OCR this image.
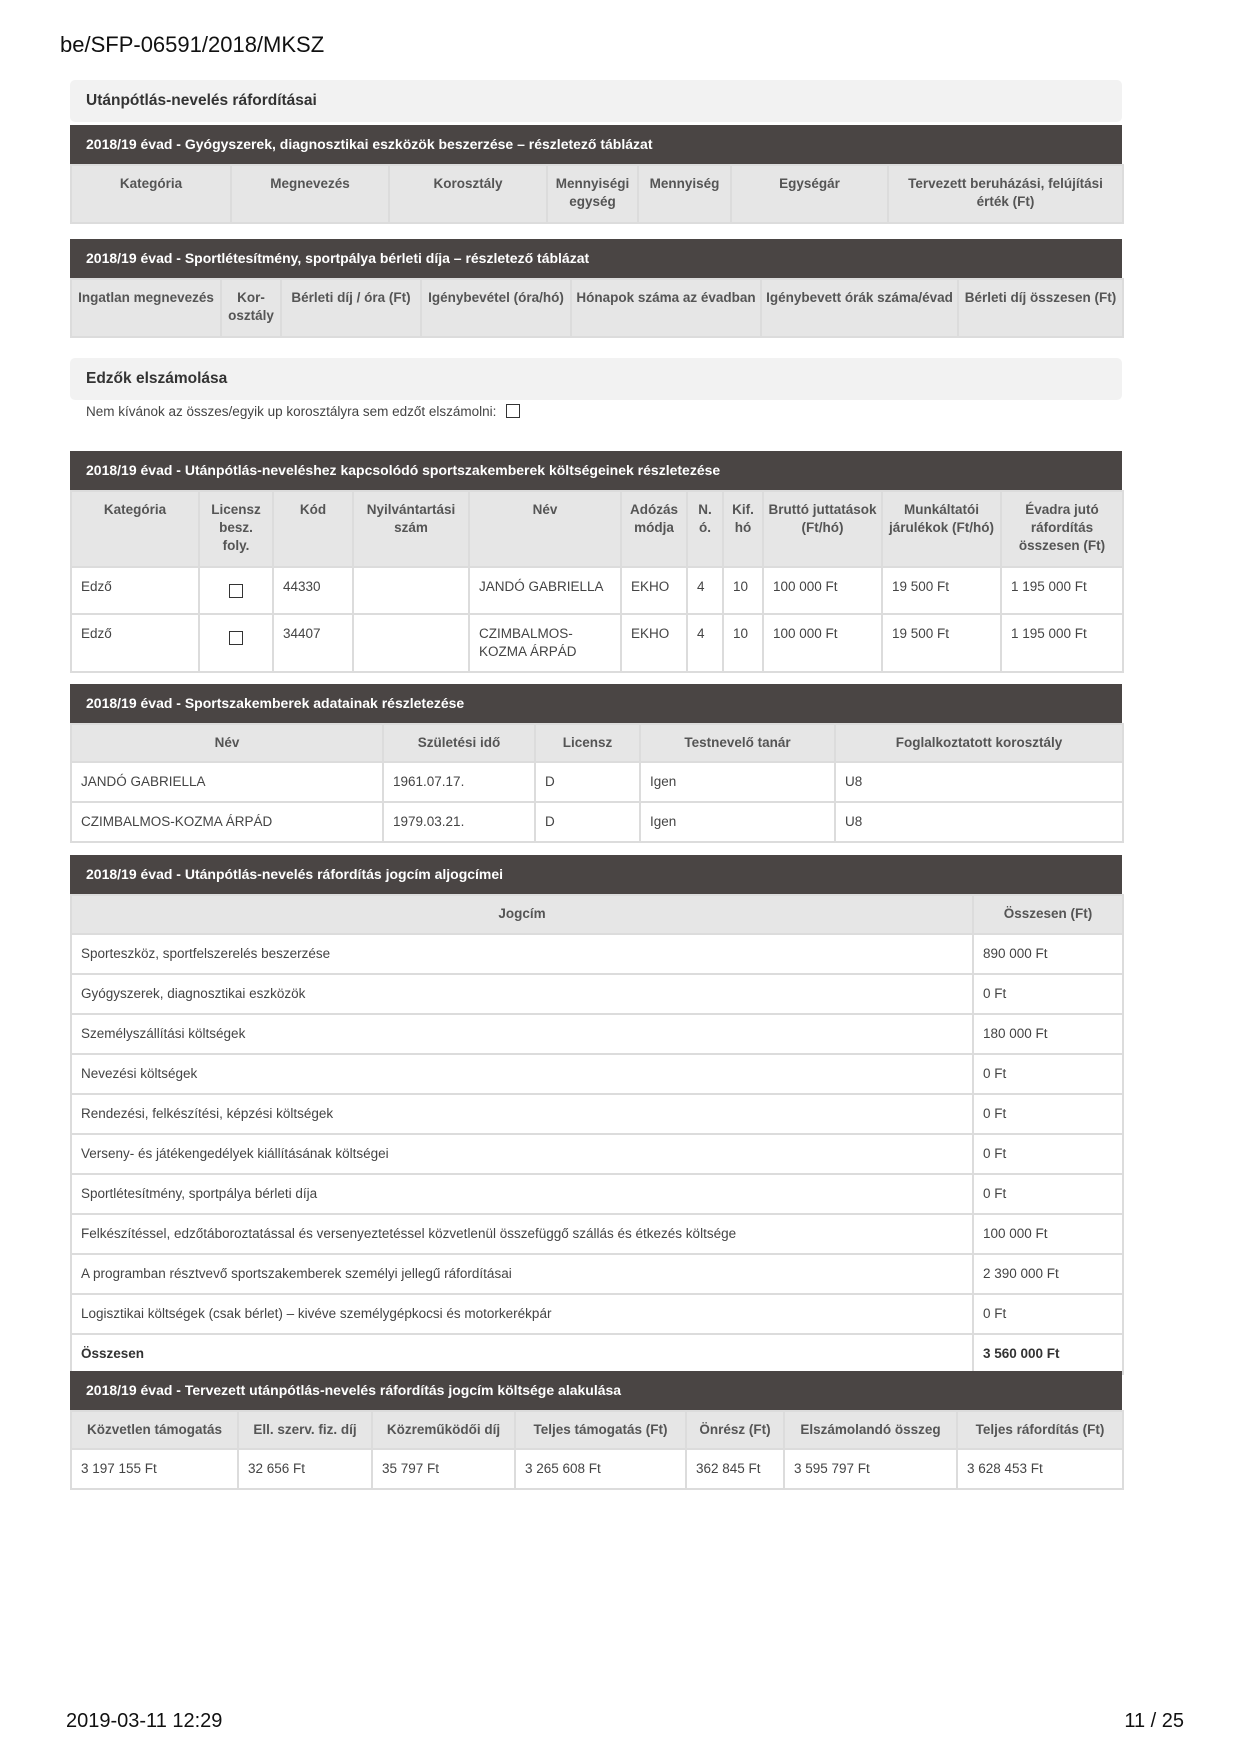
be/SFP-06591/2018/MKSZ
Utánpótlás-nevelés ráfordításai
2018/19 évad - Gyógyszerek, diagnosztikai eszközök beszerzése – részletező táblázat
Kategória	Megnevezés	Korosztály	Mennyiségi egység	Mennyiség	Egységár	Tervezett beruházási, felújítási érték (Ft)
2018/19 évad - Sportlétesítmény, sportpálya bérleti díja – részletező táblázat
Ingatlan megnevezés	Kor-osztály	Bérleti díj / óra (Ft)	Igénybevétel (óra/hó)	Hónapok száma az évadban	Igénybevett órák száma/évad	Bérleti díj összesen (Ft)
Edzők elszámolása
Nem kívánok az összes/egyik up korosztályra sem edzőt elszámolni:
2018/19 évad - Utánpótlás-neveléshez kapcsolódó sportszakemberek költségeinek részletezése
Kategória	Licensz besz. foly.	Kód	Nyilvántartási szám	Név	Adózás módja	N. ó.	Kif. hó	Bruttó juttatások (Ft/hó)	Munkáltatói járulékok (Ft/hó)	Évadra jutó ráfordítás összesen (Ft)
Edző		44330		JANDÓ GABRIELLA	EKHO	4	10	100 000 Ft	19 500 Ft	1 195 000 Ft
Edző		34407		CZIMBALMOS-KOZMA ÁRPÁD	EKHO	4	10	100 000 Ft	19 500 Ft	1 195 000 Ft
2018/19 évad - Sportszakemberek adatainak részletezése
Név	Születési idő	Licensz	Testnevelő tanár	Foglalkoztatott korosztály
JANDÓ GABRIELLA	1961.07.17.	D	Igen	U8
CZIMBALMOS-KOZMA ÁRPÁD	1979.03.21.	D	Igen	U8
2018/19 évad - Utánpótlás-nevelés ráfordítás jogcím aljogcímei
Jogcím	Összesen (Ft)
Sporteszköz, sportfelszerelés beszerzése	890 000 Ft
Gyógyszerek, diagnosztikai eszközök	0 Ft
Személyszállítási költségek	180 000 Ft
Nevezési költségek	0 Ft
Rendezési, felkészítési, képzési költségek	0 Ft
Verseny- és játékengedélyek kiállításának költségei	0 Ft
Sportlétesítmény, sportpálya bérleti díja	0 Ft
Felkészítéssel, edzőtáboroztatással és versenyeztetéssel közvetlenül összefüggő szállás és étkezés költsége	100 000 Ft
A programban résztvevő sportszakemberek személyi jellegű ráfordításai	2 390 000 Ft
Logisztikai költségek (csak bérlet) – kivéve személygépkocsi és motorkerékpár	0 Ft
Összesen	3 560 000 Ft
2018/19 évad - Tervezett utánpótlás-nevelés ráfordítás jogcím költsége alakulása
Közvetlen támogatás	Ell. szerv. fiz. díj	Közreműködői díj	Teljes támogatás (Ft)	Önrész (Ft)	Elszámolandó összeg	Teljes ráfordítás (Ft)
3 197 155 Ft	32 656 Ft	35 797 Ft	3 265 608 Ft	362 845 Ft	3 595 797 Ft	3 628 453 Ft
2019-03-11 12:29	11 / 25
